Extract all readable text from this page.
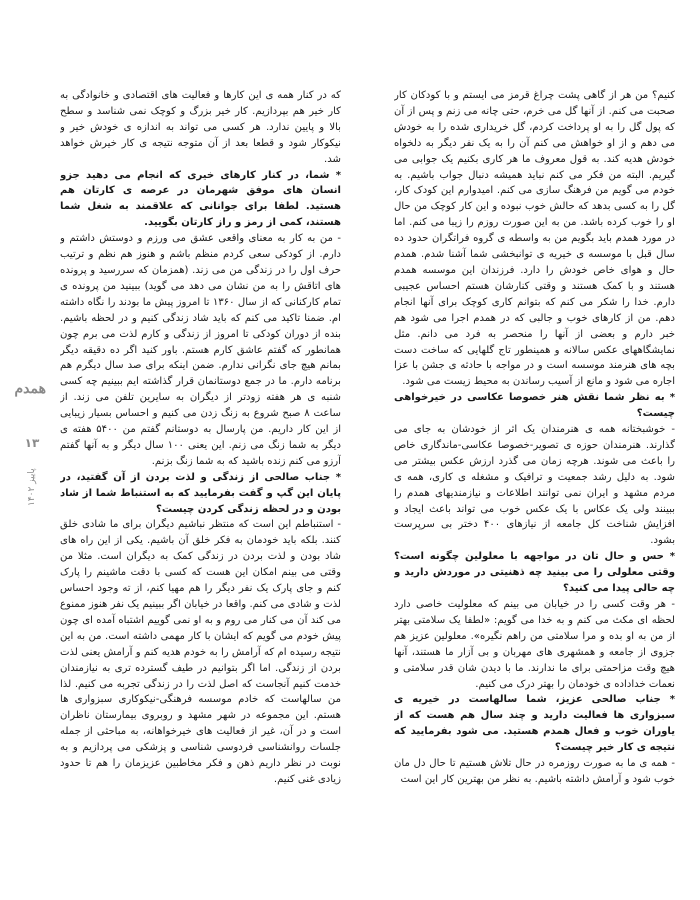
کنیم؟ من هر از گاهی پشت چراغ قرمز می ایستم و با کودکان کار صحبت می کنم. از آنها گل می خرم، حتی چانه می زنم و پس از آن که پول گل را به او پرداخت کردم، گل خریداری شده را به خودش می دهم و از او خواهش می کنم آن را به یک نفر دیگر به دلخواه خودش هدیه کند. به قول معروف ما هر کاری بکنیم یک جوابی می گیریم. البته من فکر می کنم نباید همیشه دنبال جواب باشیم. به خودم می گویم من فرهنگ سازی می کنم. امیدوارم این کودک کار، گل را به کسی بدهد که حالش خوب نبوده و این کار کوچک من حال او را خوب کرده باشد. من به این صورت روزم را زیبا می کنم. اما در مورد همدم باید بگویم من به واسطه ی گروه فراتگران حدود ده سال قبل با موسسه ی خیریه ی توانبخشی شما آشنا شدم. همدم حال و هوای خاص خودش را دارد. فرزندان این موسسه همدم هستند و با کمک هستند و وقتی کنارشان هستم احساس عجیبی دارم. خدا را شکر می کنم که بتوانم کاری کوچک برای آنها انجام دهم. من از کارهای خوب و جالبی که در همدم اجرا می شود هم خبر دارم و بعضی از آنها را منحصر به فرد می دانم. مثل نمایشگاههای عکس سالانه و همینطور تاج گلهایی که ساخت دست بچه های هنرمند موسسه است و در مواجه با حادثه ی جشن با عزا اجاره می شود و مانع از آسیب رساندن به محیط زیست می شود.

* به نظر شما نقش هنر خصوصا عکاسی در خیرخواهی چیست؟

- خوشبختانه همه ی هنرمندان یک اثر از خودشان به جای می گذارند. هنرمندان حوزه ی تصویر-خصوصا عکاسی-ماندگاری خاص را باعث می شوند. هرچه زمان می گذرد ارزش عکس بیشتر می شود. به دلیل رشد جمعیت و ترافیک و مشغله ی کاری، همه ی مردم مشهد و ایران نمی توانند اطلاعات و نیازمندیهای همدم را ببینند ولی یک عکاس با یک عکس خوب می تواند باعث ایجاد و افزایش شناخت کل جامعه از نیازهای ۴۰۰ دختر بی سرپرست بشود.

* حس و حال تان در مواجهه با معلولین چگونه است؟ وقتی معلولی را می بینید چه ذهنیتی در موردش دارید و چه حالی پیدا می کنید؟

- هر وقت کسی را در خیابان می بینم که معلولیت خاصی دارد لحظه ای مکث می کنم و به خدا می گویم: «لطفا یک سلامتی بهتر از من به او بده و مرا سلامتی من راهم نگیره». معلولین عزیز هم جزوی از جامعه و همشهری های مهربان و بی آزار ما هستند، آنها هیچ وقت مزاحمتی برای ما ندارند. ما با دیدن شان قدر سلامتی و نعمات خداداده ی خودمان را بهتر درک می کنیم.

* جناب صالحی عزیز، شما سالهاست در خیریه ی سبزواری ها فعالیت دارید و چند سال هم هست که از یاوران خوب و فعال همدم هستید. می شود بفرمایید که نتیجه ی کار خیر چیست؟

- همه ی ما به صورت روزمره در حال تلاش هستیم تا حال دل مان خوب شود و آرامش داشته باشیم. به نظر من بهترین کار این است

که در کنار همه ی این کارها و فعالیت های اقتصادی و خانوادگی به کار خیر هم بپردازیم. کار خیر بزرگ و کوچک نمی شناسد و سطح بالا و پایین ندارد. هر کسی می تواند به اندازه ی خودش خیر و نیکوکار شود و قطعا بعد از آن متوجه نتیجه ی کار خیرش خواهد شد.

* شما، در کنار کارهای خیری که انجام می دهید جزو انسان های موفق شهرمان در عرصه ی کارتان هم هستید. لطفا برای جوانانی که علاقمند به شغل شما هستند، کمی از رمز و راز کارتان بگویید.

- من به کار به معنای واقعی عشق می ورزم و دوستش داشتم و دارم. از کودکی سعی کردم منظم باشم و هنوز هم نظم و ترتیب حرف اول را در زندگی من می زند. (همزمان که سررسید و پرونده های اتاقش را به من نشان می دهد می گوید) ببینید من پرونده ی تمام کارکنانی که از سال ۱۳۶۰ تا امروز پیش ما بودند را نگاه داشته ام. ضمنا تاکید می کنم که باید شاد زندگی کنیم و در لحظه باشیم. بنده از دوران کودکی تا امروز از زندگی و کارم لذت می برم چون همانطور که گفتم عاشق کارم هستم. باور کنید اگر ده دقیقه دیگر بمانم هیچ جای نگرانی ندارم. ضمن اینکه برای صد سال دیگرم هم برنامه دارم. ما در جمع دوستانمان قرار گذاشته ایم ببینیم چه کسی شنبه ی هر هفته زودتر از دیگران به سایرین تلفن می زند. از ساعت ۸ صبح شروع به زنگ زدن می کنیم و احساس بسیار زیبایی از این کار داریم. من پارسال به دوستانم گفتم من ۵۴۰۰ هفته ی دیگر به شما زنگ می زنم. این یعنی ۱۰۰ سال دیگر و به آنها گفتم آرزو می کنم زنده باشید که به شما زنگ بزنم.

* جناب صالحی از زندگی و لذت بردن از آن گفتید، در پایان این گپ و گفت بفرمایید که به استنباط شما از شاد بودن و در لحظه زندگی کردن چیست؟

- استنباطم این است که منتظر نباشیم دیگران برای ما شادی خلق کنند. بلکه باید خودمان به فکر خلق آن باشیم. یکی از این راه های شاد بودن و لذت بردن در زندگی کمک به دیگران است. مثلا من وقتی می بینم امکان این هست که کسی با دقت ماشینم را پارک کنم و جای پارک یک نفر دیگر را هم مهیا کنم، از ته وجود احساس لذت و شادی می کنم. واقعا در خیابان اگر ببینیم یک نفر هنوز ممنوع می کند آن می کنار می روم و به او نمی گوییم اشتباه آمده ای چون پیش خودم می گویم که ایشان با کار مهمی داشته است. من به این نتیجه رسیده ام که آرامش را به خودم هدیه کنم و آرامش یعنی لذت بردن از زندگی. اما اگر بتوانیم در طیف گسترده تری به نیازمندان خدمت کنیم آنجاست که اصل لذت را در زندگی تجربه می کنیم. لذا من سالهاست که خادم موسسه فرهنگی-نیکوکاری سبزواری ها هستم. این مجموعه در شهر مشهد و روبروی بیمارستان ناظران است و در آن، غیر از فعالیت های خیرخواهانه، به مباحثی از جمله جلسات روانشناسی فردوسی شناسی و پزشکی می پردازیم و به نوبت در نظر داریم ذهن و فکر مخاطبین عزیزمان را هم تا حدود زیادی غنی کنیم.

همدم
۱۳
پاییز ۱۴۰۲
